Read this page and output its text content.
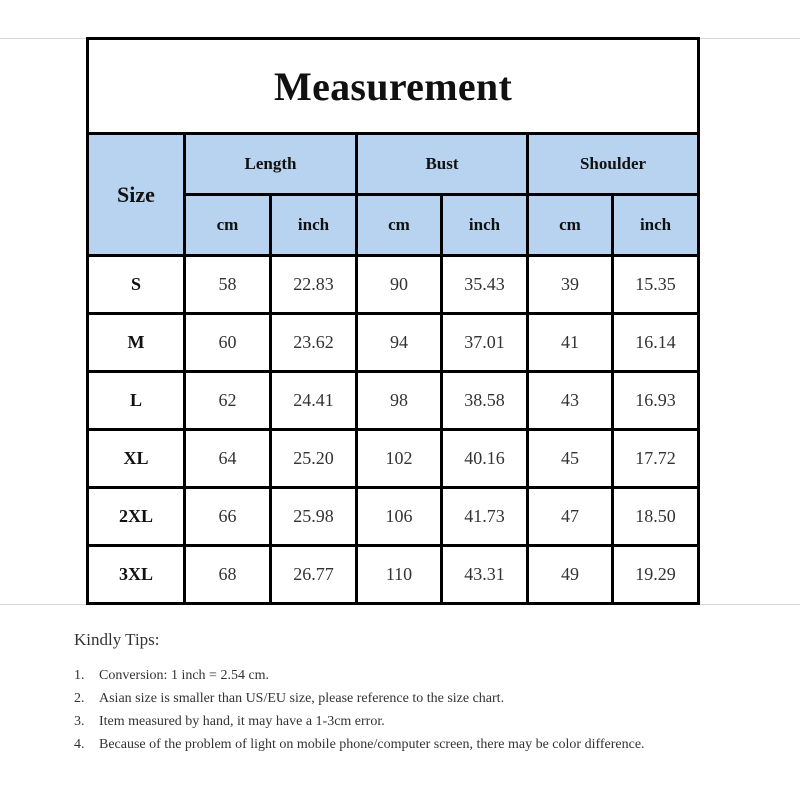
Measurement						
Size	Length		Bust		Shoulder	
	cm	inch	cm	inch	cm	inch
S	58	22.83	90	35.43	39	15.35
M	60	23.62	94	37.01	41	16.14
L	62	24.41	98	38.58	43	16.93
XL	64	25.20	102	40.16	45	17.72
2XL	66	25.98	106	41.73	47	18.50
3XL	68	26.77	110	43.31	49	19.29
Kindly Tips:
1. Conversion: 1 inch = 2.54 cm.
2. Asian size is smaller than US/EU size, please reference to the size chart.
3. Item measured by hand, it may have a 1-3cm error.
4. Because of the problem of light on mobile phone/computer screen, there may be color difference.
